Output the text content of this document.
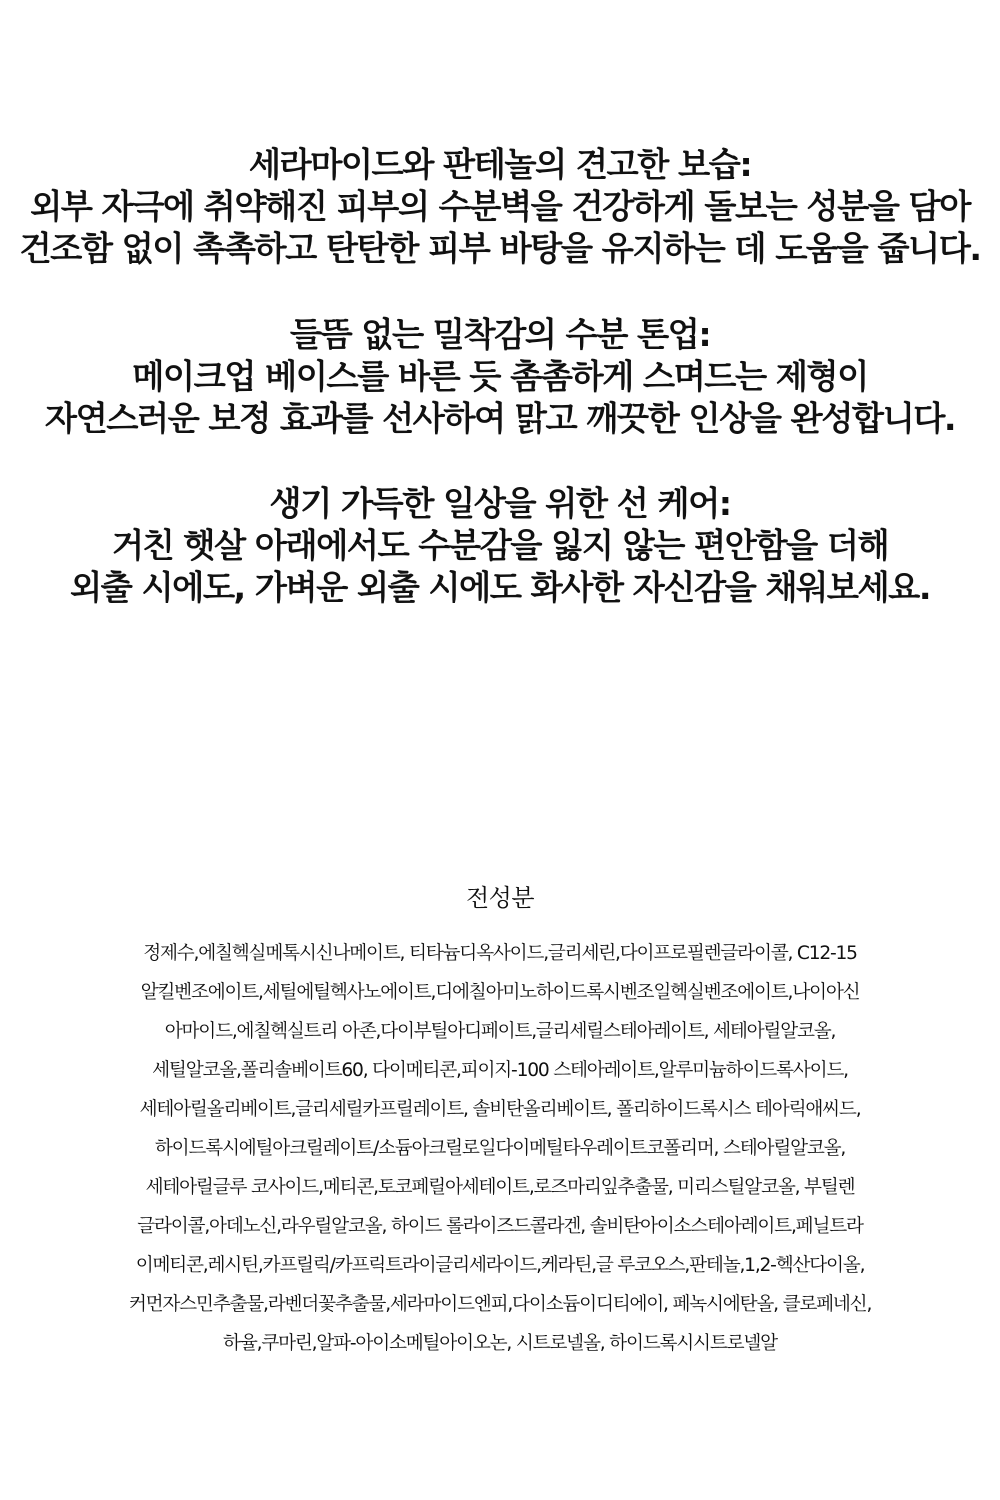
세라마이드와 판테놀의 견고한 보습:
외부 자극에 취약해진 피부의 수분벽을 건강하게 돌보는 성분을 담아
건조함 없이 촉촉하고 탄탄한 피부 바탕을 유지하는 데 도움을 줍니다.
들뜸 없는 밀착감의 수분 톤업:
메이크업 베이스를 바른 듯 촘촘하게 스며드는 제형이
자연스러운 보정 효과를 선사하여 맑고 깨끗한 인상을 완성합니다.
생기 가득한 일상을 위한 선 케어:
거친 햇살 아래에서도 수분감을 잃지 않는 편안함을 더해
외출 시에도, 가벼운 외출 시에도 화사한 자신감을 채워보세요.
전성분
정제수,에칠헥실메톡시신나메이트, 티타늄디옥사이드,글리세린,다이프로필렌글라이콜, C12-15
알킬벤조에이트,세틸에틸헥사노에이트,디에칠아미노하이드록시벤조일헥실벤조에이트,나이아신
아마이드,에칠헥실트리 아존,다이부틸아디페이트,글리세릴스테아레이트, 세테아릴알코올,
세틸알코올,폴리솔베이트60, 다이메티콘,피이지-100 스테아레이트,알루미늄하이드록사이드,
세테아릴올리베이트,글리세릴카프릴레이트, 솔비탄올리베이트, 폴리하이드록시스 테아릭애씨드,
하이드록시에틸아크릴레이트/소듐아크릴로일다이메틸타우레이트코폴리머, 스테아릴알코올,
세테아릴글루 코사이드,메티콘,토코페릴아세테이트,로즈마리잎추출물, 미리스틸알코올, 부틸렌
글라이콜,아데노신,라우릴알코올, 하이드 롤라이즈드콜라겐, 솔비탄아이소스테아레이트,페닐트라
이메티콘,레시틴,카프릴릭/카프릭트라이글리세라이드,케라틴,글 루코오스,판테놀,1,2-헥산다이올,
커먼자스민추출물,라벤더꽃추출물,세라마이드엔피,다이소듐이디티에이, 페녹시에탄올, 클로페네신,
하율,쿠마린,알파-아이소메틸아이오논, 시트로넬올, 하이드록시시트로넬알
